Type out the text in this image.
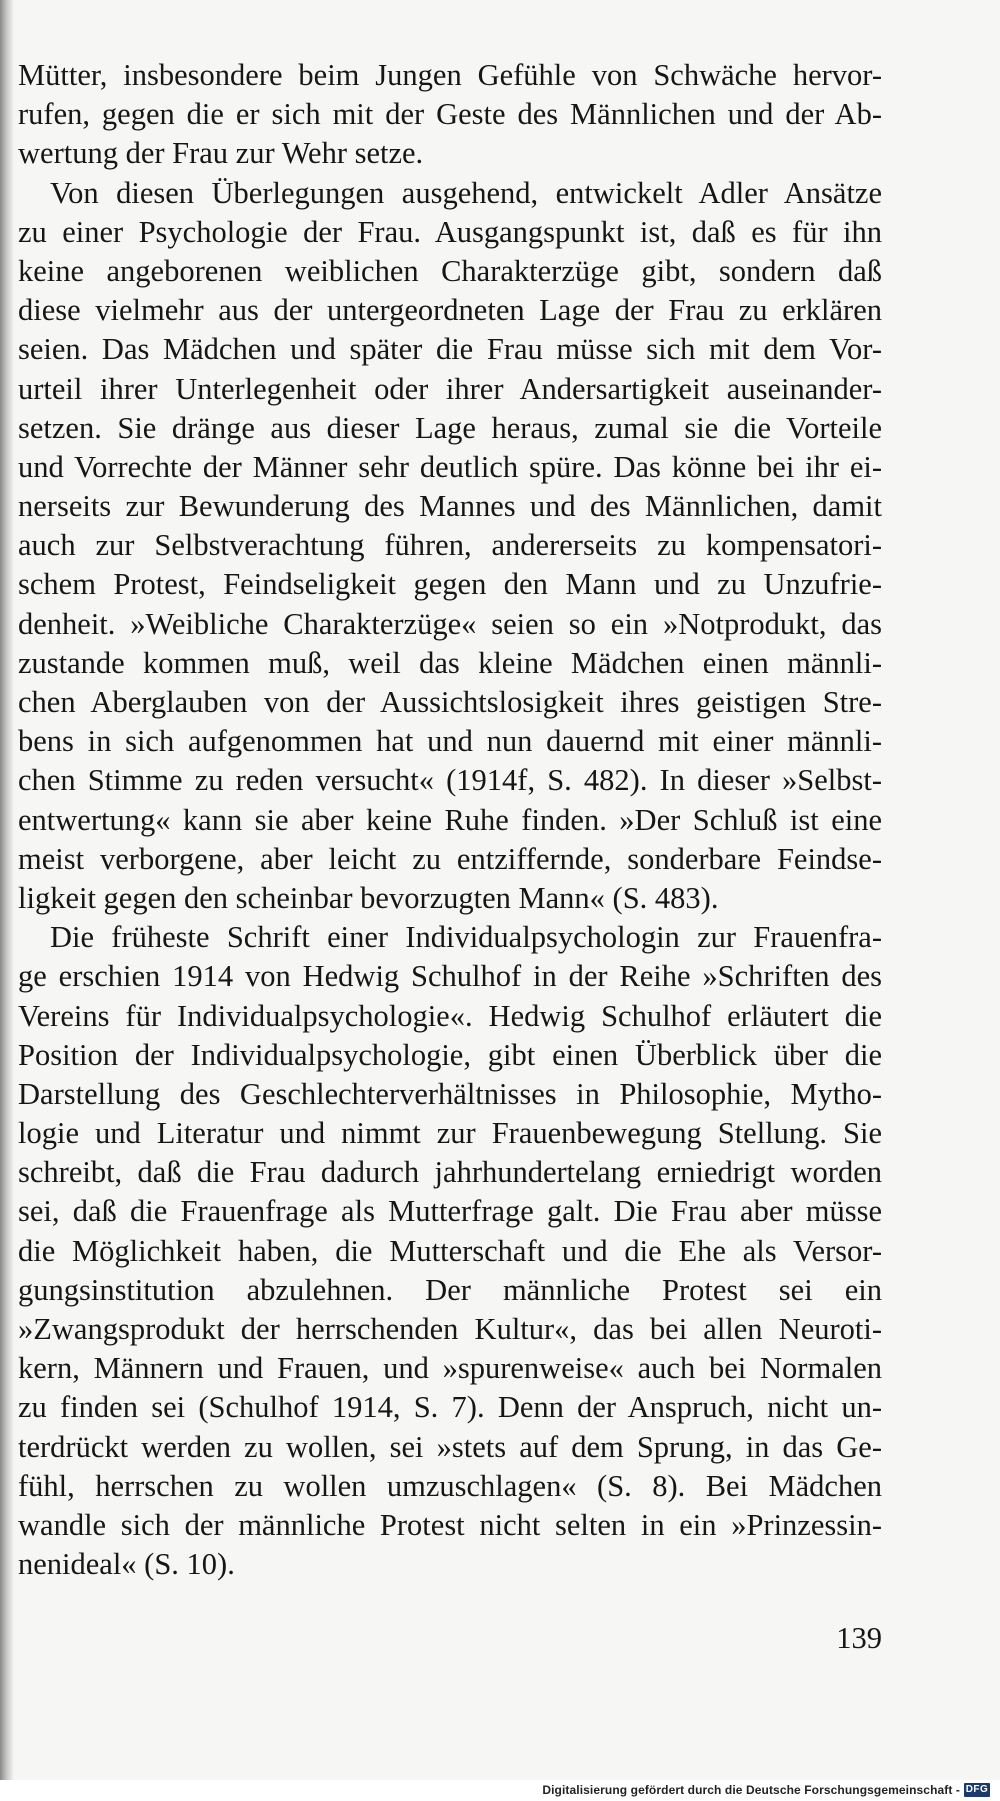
Mütter, insbesondere beim Jungen Gefühle von Schwäche hervor-
rufen, gegen die er sich mit der Geste des Männlichen und der Ab-
wertung der Frau zur Wehr setze.
Von diesen Überlegungen ausgehend, entwickelt Adler Ansätze
zu einer Psychologie der Frau. Ausgangspunkt ist, daß es für ihn
keine angeborenen weiblichen Charakterzüge gibt, sondern daß
diese vielmehr aus der untergeordneten Lage der Frau zu erklären
seien. Das Mädchen und später die Frau müsse sich mit dem Vor-
urteil ihrer Unterlegenheit oder ihrer Andersartigkeit auseinander-
setzen. Sie dränge aus dieser Lage heraus, zumal sie die Vorteile
und Vorrechte der Männer sehr deutlich spüre. Das könne bei ihr ei-
nerseits zur Bewunderung des Mannes und des Männlichen, damit
auch zur Selbstverachtung führen, andererseits zu kompensatori-
schem Protest, Feindseligkeit gegen den Mann und zu Unzufrie-
denheit. »Weibliche Charakterzüge« seien so ein »Notprodukt, das
zustande kommen muß, weil das kleine Mädchen einen männli-
chen Aberglauben von der Aussichtslosigkeit ihres geistigen Stre-
bens in sich aufgenommen hat und nun dauernd mit einer männli-
chen Stimme zu reden versucht« (1914f, S. 482). In dieser »Selbst-
entwertung« kann sie aber keine Ruhe finden. »Der Schluß ist eine
meist verborgene, aber leicht zu entziffernde, sonderbare Feindse-
ligkeit gegen den scheinbar bevorzugten Mann« (S. 483).
Die früheste Schrift einer Individualpsychologin zur Frauenfra-
ge erschien 1914 von Hedwig Schulhof in der Reihe »Schriften des
Vereins für Individualpsychologie«. Hedwig Schulhof erläutert die
Position der Individualpsychologie, gibt einen Überblick über die
Darstellung des Geschlechterverhältnisses in Philosophie, Mytho-
logie und Literatur und nimmt zur Frauenbewegung Stellung. Sie
schreibt, daß die Frau dadurch jahrhundertelang erniedrigt worden
sei, daß die Frauenfrage als Mutterfrage galt. Die Frau aber müsse
die Möglichkeit haben, die Mutterschaft und die Ehe als Versor-
gungsinstitution abzulehnen. Der männliche Protest sei ein
»Zwangsprodukt der herrschenden Kultur«, das bei allen Neuroti-
kern, Männern und Frauen, und »spurenweise« auch bei Normalen
zu finden sei (Schulhof 1914, S. 7). Denn der Anspruch, nicht un-
terdrückt werden zu wollen, sei »stets auf dem Sprung, in das Ge-
fühl, herrschen zu wollen umzuschlagen« (S. 8). Bei Mädchen
wandle sich der männliche Protest nicht selten in ein »Prinzessin-
nenideal« (S. 10).
139
Digitalisierung gefördert durch die Deutsche Forschungsgemeinschaft - DFG
